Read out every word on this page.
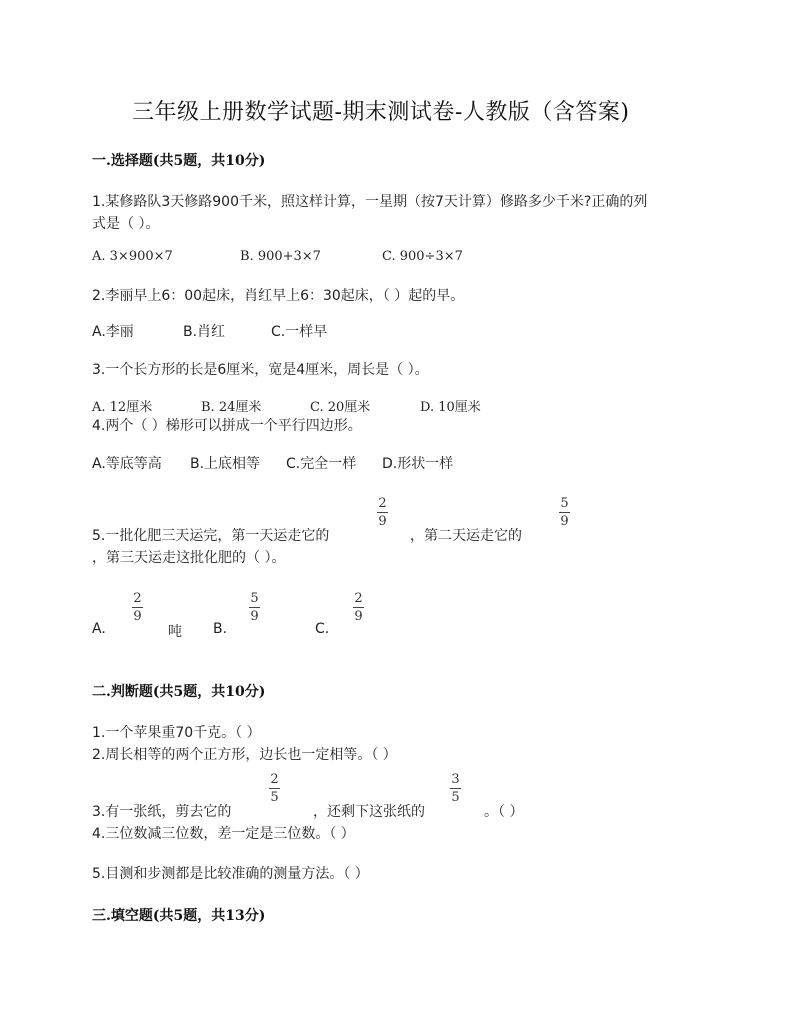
三年级上册数学试题-期末测试卷-人教版（含答案)
一.选择题(共5题，共10分)
1.某修路队3天修路900千米，照这样计算，一星期（按7天计算）修路多少千米?正确的列
式是（ ）。
A. 3×900×7	B. 900+3×7	C. 900÷3×7
2.李丽早上6：00起床，肖红早上6：30起床，（ ）起的早。
A.李丽	B.肖红	C.一样早
3.一个长方形的长是6厘米，宽是4厘米，周长是（ ）。
A. 12厘米	B. 24厘米	C. 20厘米	D. 10厘米
4.两个（ ）梯形可以拼成一个平行四边形。
A.等底等高 B.上底相等 C.完全一样 D.形状一样
2
9
5
9
5.一批化肥三天运完，第一天运走它的	，第二天运走它的
，第三天运走这批化肥的（ ）。
A.
2
9
吨 B.
5
9
C.
2
9
二.判断题(共5题，共10分)
1.一个苹果重70千克。（ ）
2.周长相等的两个正方形，边长也一定相等。（ ）
2
5
3
5
3.有一张纸，剪去它的	，还剩下这张纸的	。（ ）
4.三位数减三位数，差一定是三位数。（ ）
5.目测和步测都是比较准确的测量方法。（ ）
三.填空题(共5题，共13分)
